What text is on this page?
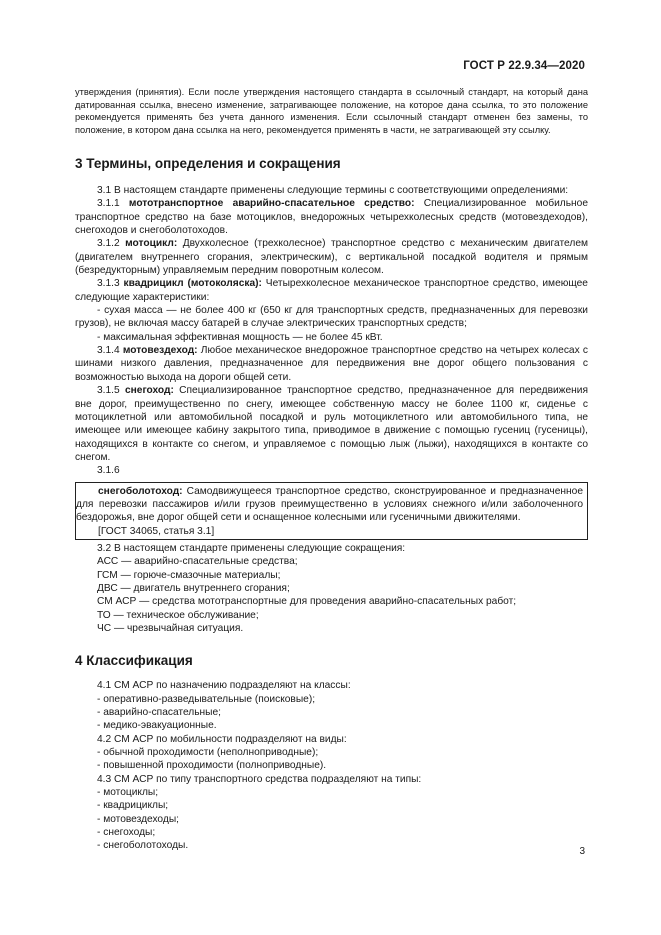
ГОСТ Р 22.9.34—2020

утверждения (принятия). Если после утверждения настоящего стандарта в ссылочный стандарт, на который дана датированная ссылка, внесено изменение, затрагивающее положение, на которое дана ссылка, то это положение рекомендуется применять без учета данного изменения. Если ссылочный стандарт отменен без замены, то положение, в котором дана ссылка на него, рекомендуется применять в части, не затрагивающей эту ссылку.

3 Термины, определения и сокращения

3.1 В настоящем стандарте применены следующие термины с соответствующими определениями:

3.1.1 мототранспортное аварийно-спасательное средство: Специализированное мобильное транспортное средство на базе мотоциклов, внедорожных четырехколесных средств (мотовездеходов), снегоходов и снегоболотоходов.

3.1.2 мотоцикл: Двухколесное (трехколесное) транспортное средство с механическим двигателем (двигателем внутреннего сгорания, электрическим), с вертикальной посадкой водителя и прямым (безредукторным) управляемым передним поворотным колесом.

3.1.3 квадрицикл (мотоколяска): Четырехколесное механическое транспортное средство, имеющее следующие характеристики:

- сухая масса — не более 400 кг (650 кг для транспортных средств, предназначенных для перевозки грузов), не включая массу батарей в случае электрических транспортных средств;

- максимальная эффективная мощность — не более 45 кВт.

3.1.4 мотовездеход: Любое механическое внедорожное транспортное средство на четырех колесах с шинами низкого давления, предназначенное для передвижения вне дорог общего пользования с возможностью выхода на дороги общей сети.

3.1.5 снегоход: Специализированное транспортное средство, предназначенное для передвижения вне дорог, преимущественно по снегу, имеющее собственную массу не более 1100 кг, сиденье с мотоциклетной или автомобильной посадкой и руль мотоциклетного или автомобильного типа, не имеющее или имеющее кабину закрытого типа, приводимое в движение с помощью гусениц (гусеницы), находящихся в контакте со снегом, и управляемое с помощью лыж (лыжи), находящихся в контакте со снегом.

3.1.6

снегоболотоход: Самодвижущееся транспортное средство, сконструированное и предназначенное для перевозки пассажиров и/или грузов преимущественно в условиях снежного и/или заболоченного бездорожья, вне дорог общей сети и оснащенное колесными или гусеничными движителями.

[ГОСТ 34065, статья 3.1]

3.2 В настоящем стандарте применены следующие сокращения:

АСС — аварийно-спасательные средства;

ГСМ — горюче-смазочные материалы;

ДВС — двигатель внутреннего сгорания;

СМ АСР — средства мототранспортные для проведения аварийно-спасательных работ;

ТО — техническое обслуживание;

ЧС — чрезвычайная ситуация.

4 Классификация

4.1 СМ АСР по назначению подразделяют на классы:

- оперативно-разведывательные (поисковые);

- аварийно-спасательные;

- медико-эвакуационные.

4.2 СМ АСР по мобильности подразделяют на виды:

- обычной проходимости (неполноприводные);

- повышенной проходимости (полноприводные).

4.3 СМ АСР по типу транспортного средства подразделяют на типы:

- мотоциклы;

- квадрициклы;

- мотовездеходы;

- снегоходы;

- снегоболотоходы.

3
